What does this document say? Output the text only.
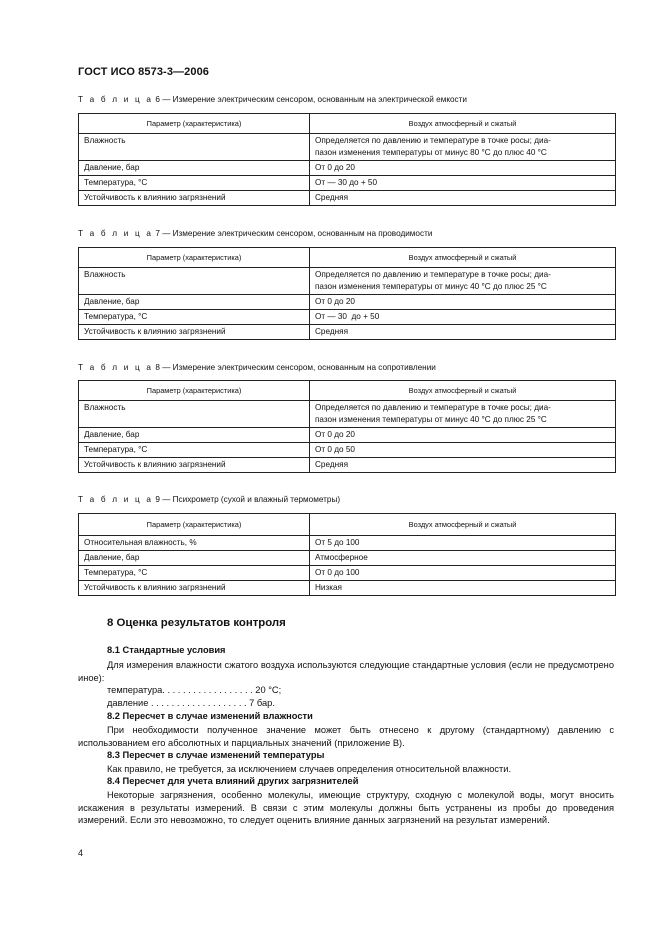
ГОСТ ИСО 8573-3—2006
Т а б л и ц а 6 — Измерение электрическим сенсором, основанным на электрической емкости
Параметр (характеристика)	Воздух атмосферный и сжатый
Влажность	Определяется по давлению и температуре в точке росы; диа-
пазон изменения температуры от минус 80 °С до плюс 40 °С

Давление, бар	От 0 до 20
Температура, °С	От — 30 до + 50
Устойчивость к влиянию загрязнений	Средняя
Т а б л и ц а 7 — Измерение электрическим сенсором, основанным на проводимости
Параметр (характеристика)	Воздух атмосферный и сжатый
Влажность	Определяется по давлению и температуре в точке росы; диа-
пазон изменения температуры от минус 40 °С до плюс 25 °С

Давление, бар	От 0 до 20
Температура, °С	От — 30  до + 50
Устойчивость к влиянию загрязнений	Средняя
Т а б л и ц а 8 — Измерение электрическим сенсором, основанным на сопротивлении
Параметр (характеристика)	Воздух атмосферный и сжатый
Влажность	Определяется по давлению и температуре в точке росы; диа-
пазон изменения температуры от минус 40 °С до плюс 25 °С

Давление, бар	От 0 до 20
Температура, °С	От 0 до 50
Устойчивость к влиянию загрязнений	Средняя
Т а б л и ц а 9 — Психрометр (сухой и влажный термометры)
Параметр (характеристика)	Воздух атмосферный и сжатый
Относительная влажность, %	От 5 до 100
Давление, бар	Атмосферное
Температура, °С	От 0 до 100
Устойчивость к влиянию загрязнений	Низкая
8 Оценка результатов контроля
8.1 Стандартные условия
Для измерения влажности сжатого воздуха используются следующие стандартные условия (если не предусмотрено иное):
температура. . . . . . . . . . . . . . . . . . 20 °С;
давление . . . . . . . . . . . . . . . . . . . 7 бар.
8.2 Пересчет в случае изменений влажности
При необходимости полученное значение может быть отнесено к другому (стандартному) давлению с использованием его абсолютных и парциальных значений (приложение В).
8.3 Пересчет в случае изменений температуры
Как правило, не требуется, за исключением случаев определения относительной влажности.
8.4 Пересчет для учета влияний других загрязнителей
Некоторые загрязнения, особенно молекулы, имеющие структуру, сходную с молекулой воды, могут вносить искажения в результаты измерений. В связи с этим молекулы должны быть устранены из пробы до проведения измерений. Если это невозможно, то следует оценить влияние данных загрязнений на результат измерений.
4
